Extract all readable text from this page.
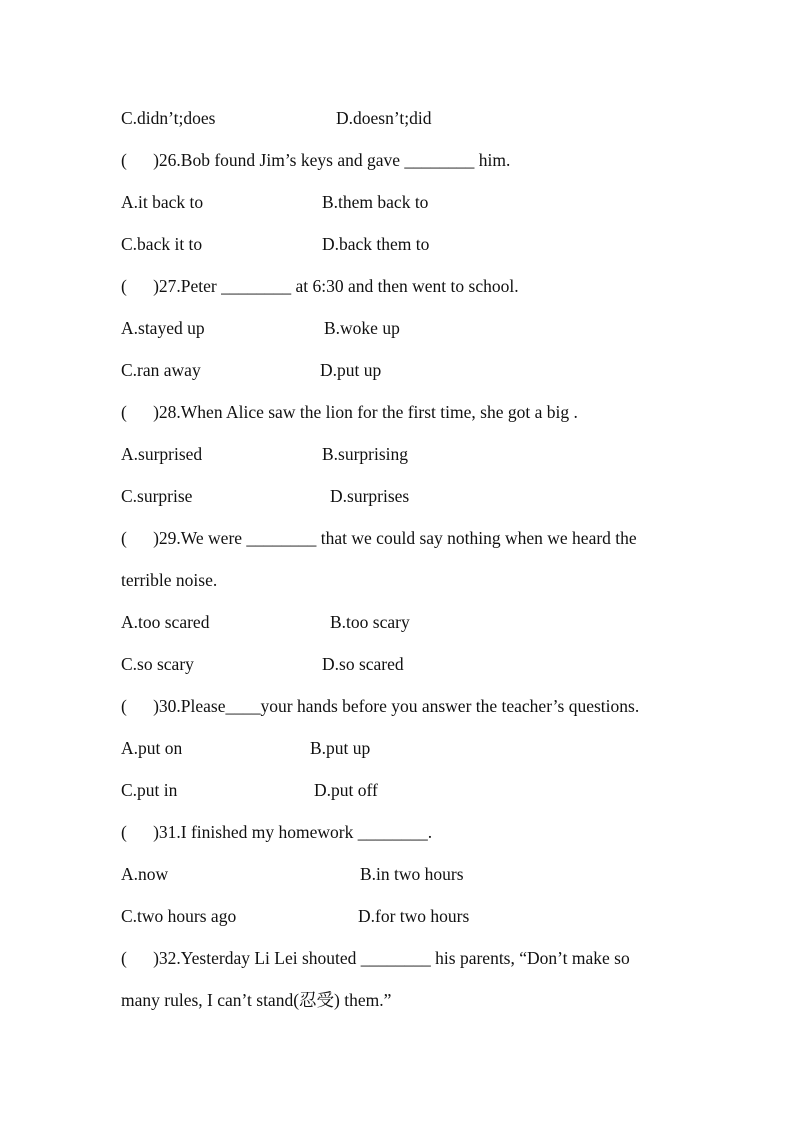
C.didn’t;does	D.doesn’t;did
(      )26.Bob found Jim’s keys and gave ________ him.
A.it back to	B.them back to
C.back it to	D.back them to
(      )27.Peter ________ at 6:30 and then went to school.
A.stayed up	B.woke up
C.ran away	D.put up
(      )28.When Alice saw the lion for the first time, she got a big .
A.surprised	B.surprising
C.surprise	D.surprises
(      )29.We were ________ that we could say nothing when we heard the
terrible noise.
A.too scared	B.too scary
C.so scary	D.so scared
(      )30.Please____your hands before you answer the teacher’s questions.
A.put on	B.put up
C.put in	D.put off
(      )31.I finished my homework ________.
A.now	B.in two hours
C.two hours ago	D.for two hours
(      )32.Yesterday Li Lei shouted ________ his parents, “Don’t make so
many rules, I can’t stand(忍受) them.”
